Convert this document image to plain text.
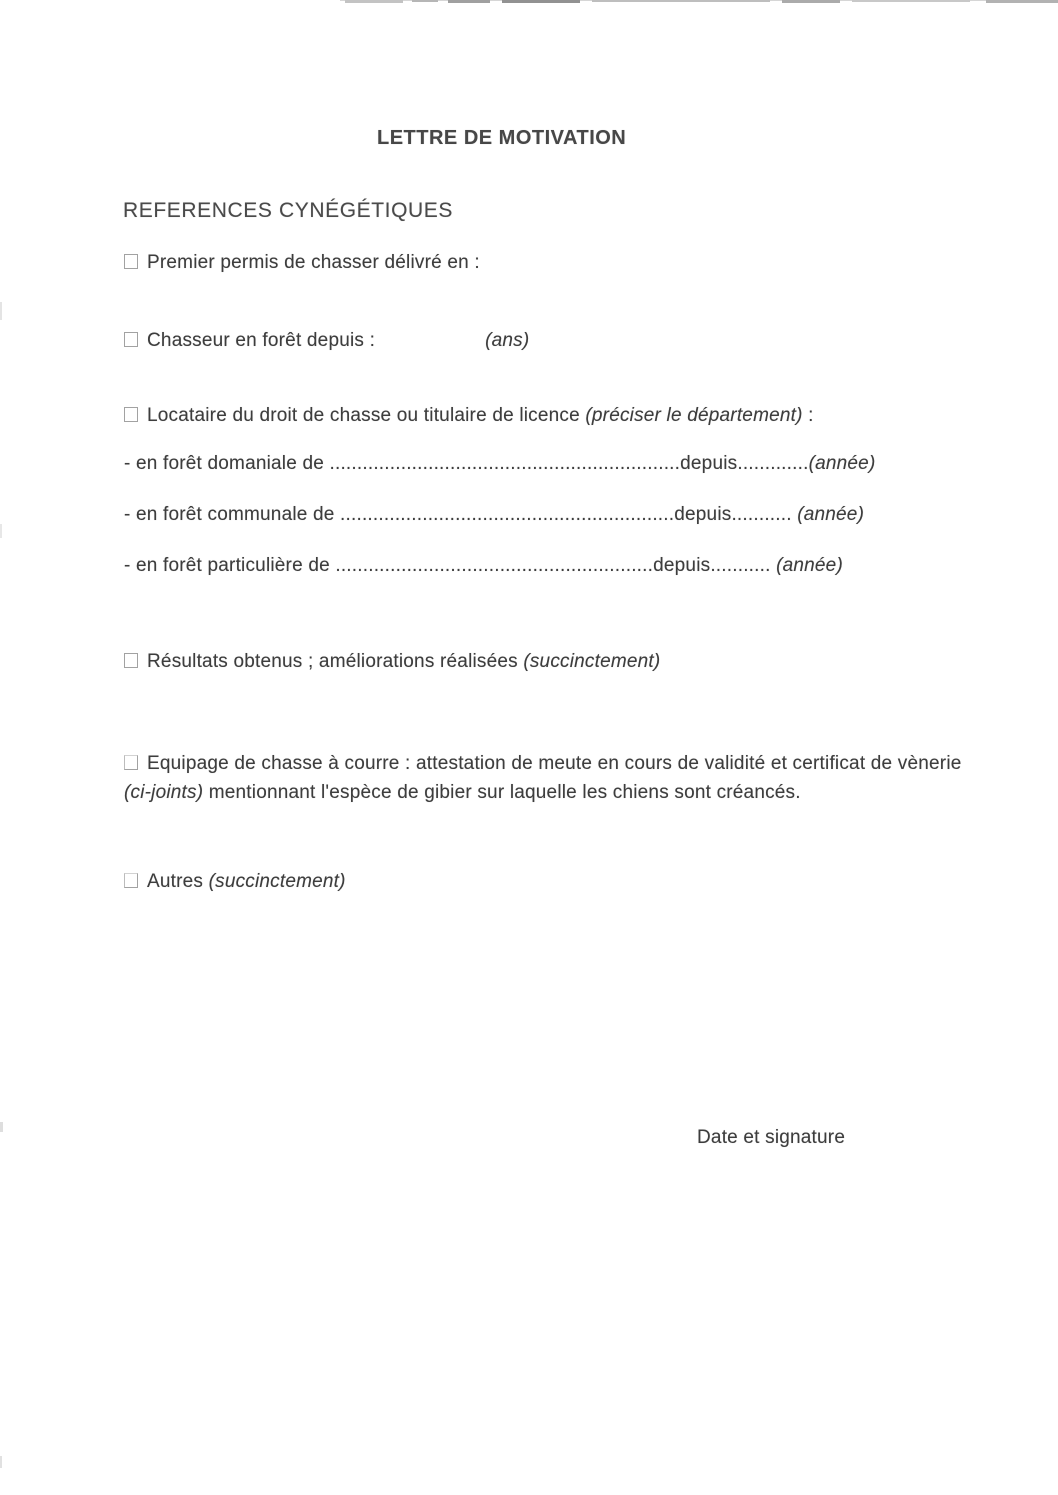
LETTRE DE MOTIVATION
REFERENCES CYNÉGÉTIQUES
Premier permis de chasser délivré en :
Chasseur en forêt depuis :	(ans)
Locataire du droit de chasse ou titulaire de licence (préciser le département) :
- en forêt domaniale de ................................................................depuis.............(année)
- en forêt communale de .............................................................depuis........... (année)
- en forêt particulière de ..........................................................depuis........... (année)
Résultats obtenus ; améliorations réalisées (succinctement)
Equipage de chasse à courre : attestation de meute en cours de validité et certificat de vènerie (ci-joints) mentionnant l'espèce de gibier sur laquelle les chiens sont créancés.
Autres (succinctement)
Date et signature
